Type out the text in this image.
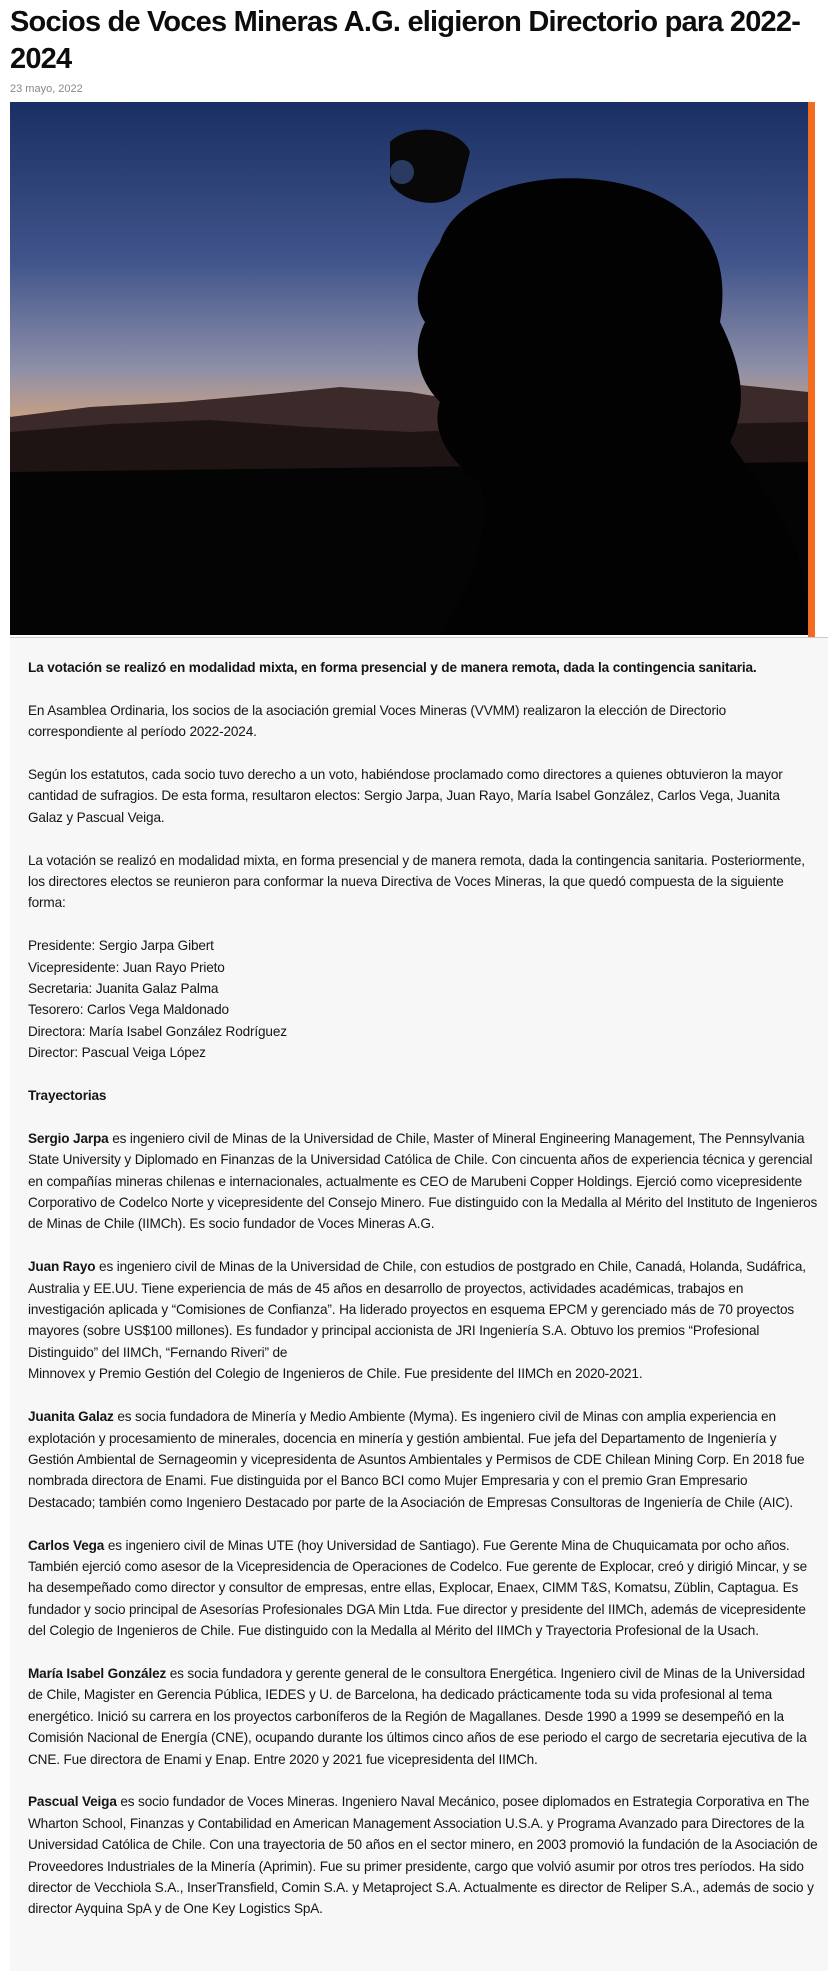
Socios de Voces Mineras A.G. eligieron Directorio para 2022-2024
23 mayo, 2022

La votación se realizó en modalidad mixta, en forma presencial y de manera remota, dada la contingencia sanitaria.

En Asamblea Ordinaria, los socios de la asociación gremial Voces Mineras (VVMM) realizaron la elección de Directorio correspondiente al período 2022-2024.

Según los estatutos, cada socio tuvo derecho a un voto, habiéndose proclamado como directores a quienes obtuvieron la mayor cantidad de sufragios. De esta forma, resultaron electos: Sergio Jarpa, Juan Rayo, María Isabel González, Carlos Vega, Juanita Galaz y Pascual Veiga.

La votación se realizó en modalidad mixta, en forma presencial y de manera remota, dada la contingencia sanitaria. Posteriormente, los directores electos se reunieron para conformar la nueva Directiva de Voces Mineras, la que quedó compuesta de la siguiente forma:

Presidente: Sergio Jarpa Gibert
Vicepresidente: Juan Rayo Prieto
Secretaria: Juanita Galaz Palma
Tesorero: Carlos Vega Maldonado
Directora: María Isabel González Rodríguez
Director: Pascual Veiga López

Trayectorias

Sergio Jarpa es ingeniero civil de Minas de la Universidad de Chile, Master of Mineral Engineering Management, The Pennsylvania State University y Diplomado en Finanzas de la Universidad Católica de Chile. Con cincuenta años de experiencia técnica y gerencial en compañías mineras chilenas e internacionales, actualmente es CEO de Marubeni Copper Holdings. Ejerció como vicepresidente Corporativo de Codelco Norte y vicepresidente del Consejo Minero. Fue distinguido con la Medalla al Mérito del Instituto de Ingenieros de Minas de Chile (IIMCh). Es socio fundador de Voces Mineras A.G.

Juan Rayo es ingeniero civil de Minas de la Universidad de Chile, con estudios de postgrado en Chile, Canadá, Holanda, Sudáfrica, Australia y EE.UU. Tiene experiencia de más de 45 años en desarrollo de proyectos, actividades académicas, trabajos en investigación aplicada y “Comisiones de Confianza”. Ha liderado proyectos en esquema EPCM y gerenciado más de 70 proyectos mayores (sobre US$100 millones). Es fundador y principal accionista de JRI Ingeniería S.A. Obtuvo los premios “Profesional Distinguido” del IIMCh, “Fernando Riveri” de
Minnovex y Premio Gestión del Colegio de Ingenieros de Chile. Fue presidente del IIMCh en 2020-2021.

Juanita Galaz es socia fundadora de Minería y Medio Ambiente (Myma). Es ingeniero civil de Minas con amplia experiencia en explotación y procesamiento de minerales, docencia en minería y gestión ambiental. Fue jefa del Departamento de Ingeniería y Gestión Ambiental de Sernageomin y vicepresidenta de Asuntos Ambientales y Permisos de CDE Chilean Mining Corp. En 2018 fue nombrada directora de Enami. Fue distinguida por el Banco BCI como Mujer Empresaria y con el premio Gran Empresario Destacado; también como Ingeniero Destacado por parte de la Asociación de Empresas Consultoras de Ingeniería de Chile (AIC).

Carlos Vega es ingeniero civil de Minas UTE (hoy Universidad de Santiago). Fue Gerente Mina de Chuquicamata por ocho años. También ejerció como asesor de la Vicepresidencia de Operaciones de Codelco. Fue gerente de Explocar, creó y dirigió Mincar, y se ha desempeñado como director y consultor de empresas, entre ellas, Explocar, Enaex, CIMM T&S, Komatsu, Züblin, Captagua. Es fundador y socio principal de Asesorías Profesionales DGA Min Ltda. Fue director y presidente del IIMCh, además de vicepresidente del Colegio de Ingenieros de Chile. Fue distinguido con la Medalla al Mérito del IIMCh y Trayectoria Profesional de la Usach.

María Isabel González es socia fundadora y gerente general de le consultora Energética. Ingeniero civil de Minas de la Universidad de Chile, Magister en Gerencia Pública, IEDES y U. de Barcelona, ha dedicado prácticamente toda su vida profesional al tema energético. Inició su carrera en los proyectos carboníferos de la Región de Magallanes. Desde 1990 a 1999 se desempeñó en la Comisión Nacional de Energía (CNE), ocupando durante los últimos cinco años de ese periodo el cargo de secretaria ejecutiva de la CNE. Fue directora de Enami y Enap. Entre 2020 y 2021 fue vicepresidenta del IIMCh.

Pascual Veiga es socio fundador de Voces Mineras. Ingeniero Naval Mecánico, posee diplomados en Estrategia Corporativa en The Wharton School, Finanzas y Contabilidad en American Management Association U.S.A. y Programa Avanzado para Directores de la Universidad Católica de Chile. Con una trayectoria de 50 años en el sector minero, en 2003 promovió la fundación de la Asociación de Proveedores Industriales de la Minería (Aprimin). Fue su primer presidente, cargo que volvió asumir por otros tres períodos. Ha sido director de Vecchiola S.A., InserTransfield, Comin S.A. y Metaproject S.A. Actualmente es director de Reliper S.A., además de socio y director Ayquina SpA y de One Key Logistics SpA.
